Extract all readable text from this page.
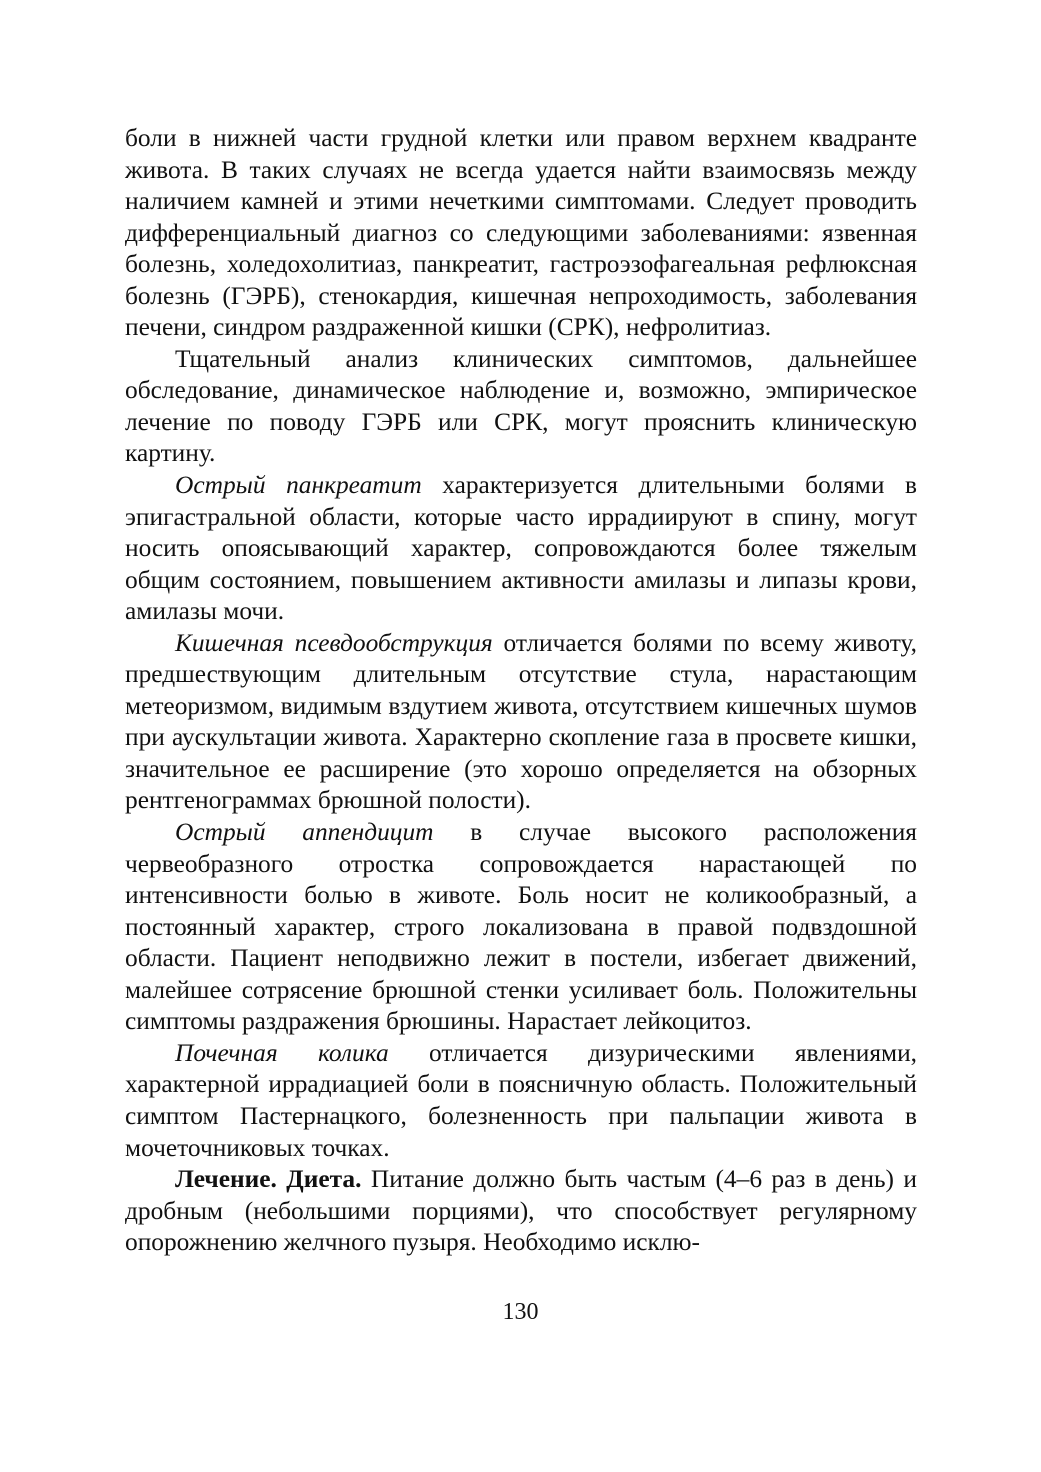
боли в нижней части грудной клетки или правом верхнем квадранте живота. В таких случаях не всегда удается найти взаимосвязь между наличием камней и этими нечеткими симптомами. Следует проводить дифференциальный диагноз со следующими заболеваниями: язвенная болезнь, холедохолитиаз, панкреатит, гастроэзофагеальная рефлюксная болезнь (ГЭРБ), стенокардия, кишечная непроходимость, заболевания печени, синдром раздраженной кишки (СРК), нефролитиаз.

Тщательный анализ клинических симптомов, дальнейшее обследование, динамическое наблюдение и, возможно, эмпирическое лечение по поводу ГЭРБ или СРК, могут прояснить клиническую картину.

Острый панкреатит характеризуется длительными болями в эпигастральной области, которые часто иррадиируют в спину, могут носить опоясывающий характер, сопровождаются более тяжелым общим состоянием, повышением активности амилазы и липазы крови, амилазы мочи.

Кишечная псевдообструкция отличается болями по всему животу, предшествующим длительным отсутствие стула, нарастающим метеоризмом, видимым вздутием живота, отсутствием кишечных шумов при аускультации живота. Характерно скопление газа в просвете кишки, значительное ее расширение (это хорошо определяется на обзорных рентгенограммах брюшной полости).

Острый аппендицит в случае высокого расположения червеобразного отростка сопровождается нарастающей по интенсивности болью в животе. Боль носит не коликообразный, а постоянный характер, строго локализована в правой подвздошной области. Пациент неподвижно лежит в постели, избегает движений, малейшее сотрясение брюшной стенки усиливает боль. Положительны симптомы раздражения брюшины. Нарастает лейкоцитоз.

Почечная колика отличается дизурическими явлениями, характерной иррадиацией боли в поясничную область. Положительный симптом Пастернацкого, болезненность при пальпации живота в мочеточниковых точках.

Лечение. Диета. Питание должно быть частым (4–6 раз в день) и дробным (небольшими порциями), что способствует регулярному опорожнению желчного пузыря. Необходимо исклю-

130
